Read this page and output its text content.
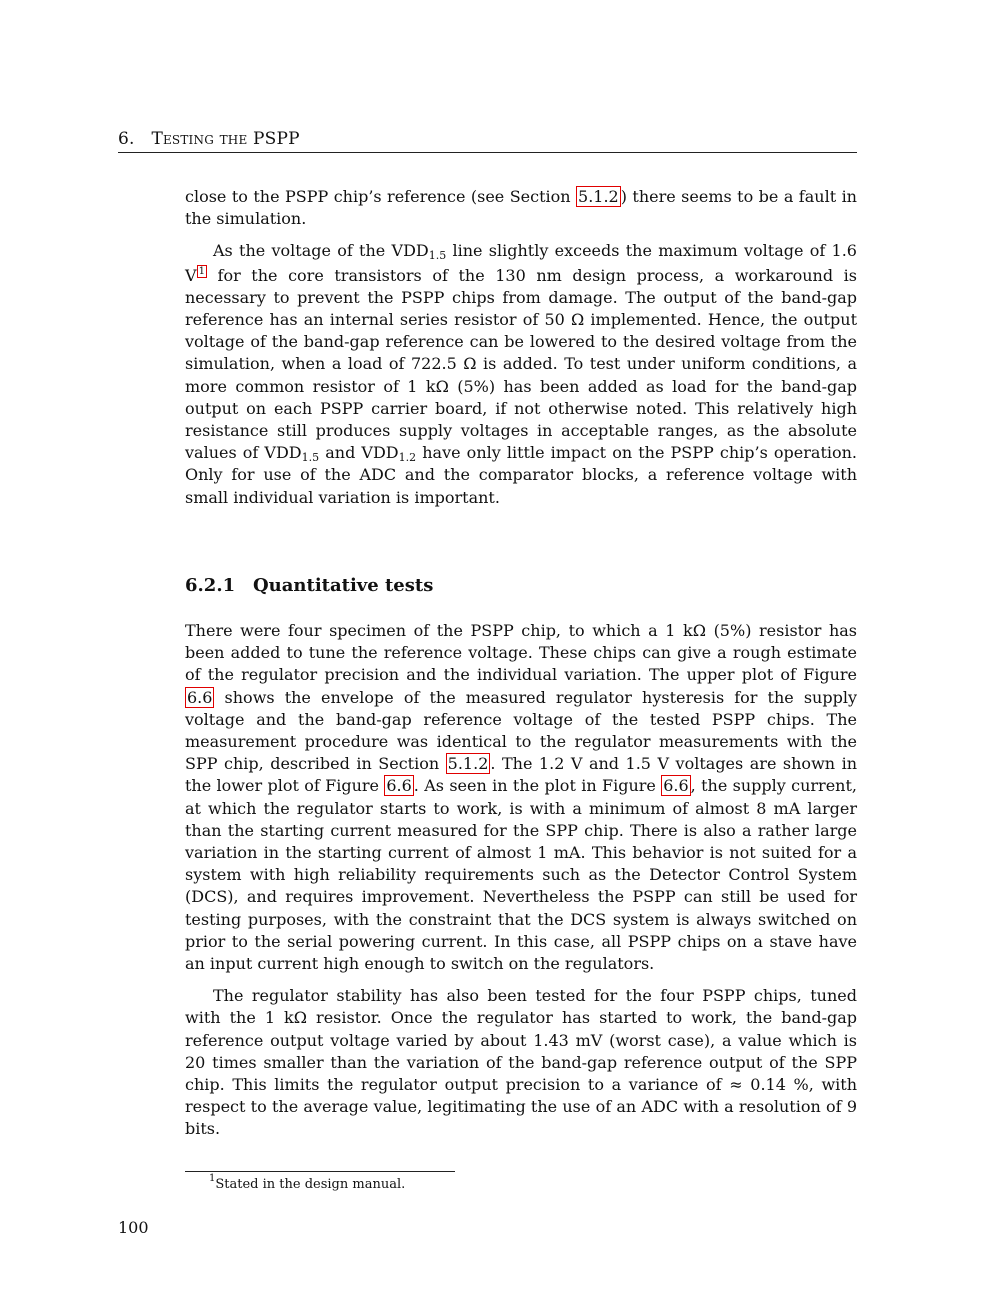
6. Testing the PSPP

close to the PSPP chip’s reference (see Section 5.1.2 ) there seems to be a fault in the simulation.

As the voltage of the $VDD_{1.5}$ line slightly exceeds the maximum voltage of 1.6 V $^1$ for the core transistors of the 130 nm design process, a workaround is necessary to prevent the PSPP chips from damage. The output of the band-gap reference has an internal series resistor of 50 Ω implemented. Hence, the output voltage of the band-gap reference can be lowered to the desired voltage from the simulation, when a load of 722.5 Ω is added. To test under uniform conditions, a more common resistor of 1 kΩ (5%) has been added as load for the band-gap output on each PSPP carrier board, if not otherwise noted. This relatively high resistance still produces supply voltages in acceptable ranges, as the absolute values of $VDD_{1.5}$ and $VDD_{1.2}$ have only little impact on the PSPP chip’s operation. Only for use of the ADC and the comparator blocks, a reference voltage with small individual variation is important.

6.2.1 Quantitative tests

There were four specimen of the PSPP chip, to which a 1 kΩ (5%) resistor has been added to tune the reference voltage. These chips can give a rough estimate of the regulator precision and the individual variation. The upper plot of Figure 6.6 shows the envelope of the measured regulator hysteresis for the supply voltage and the band-gap reference voltage of the tested PSPP chips. The measurement procedure was identical to the regulator measurements with the SPP chip, described in Section 5.1.2 . The 1.2 V and 1.5 V voltages are shown in the lower plot of Figure 6.6 . As seen in the plot in Figure 6.6 , the supply current, at which the regulator starts to work, is with a minimum of almost 8 mA larger than the starting current measured for the SPP chip. There is also a rather large variation in the starting current of almost 1 mA. This behavior is not suited for a system with high reliability requirements such as the Detector Control System (DCS), and requires improvement. Nevertheless the PSPP can still be used for testing purposes, with the constraint that the DCS system is always switched on prior to the serial powering current. In this case, all PSPP chips on a stave have an input current high enough to switch on the regulators.

The regulator stability has also been tested for the four PSPP chips, tuned with the 1 kΩ resistor. Once the regulator has started to work, the band-gap reference output voltage varied by about 1.43 mV (worst case), a value which is 20 times smaller than the variation of the band-gap reference output of the SPP chip. This limits the regulator output precision to a variance of ≈ 0.14 %, with respect to the average value, legitimating the use of an ADC with a resolution of 9 bits.

$^1$Stated in the design manual.
100
